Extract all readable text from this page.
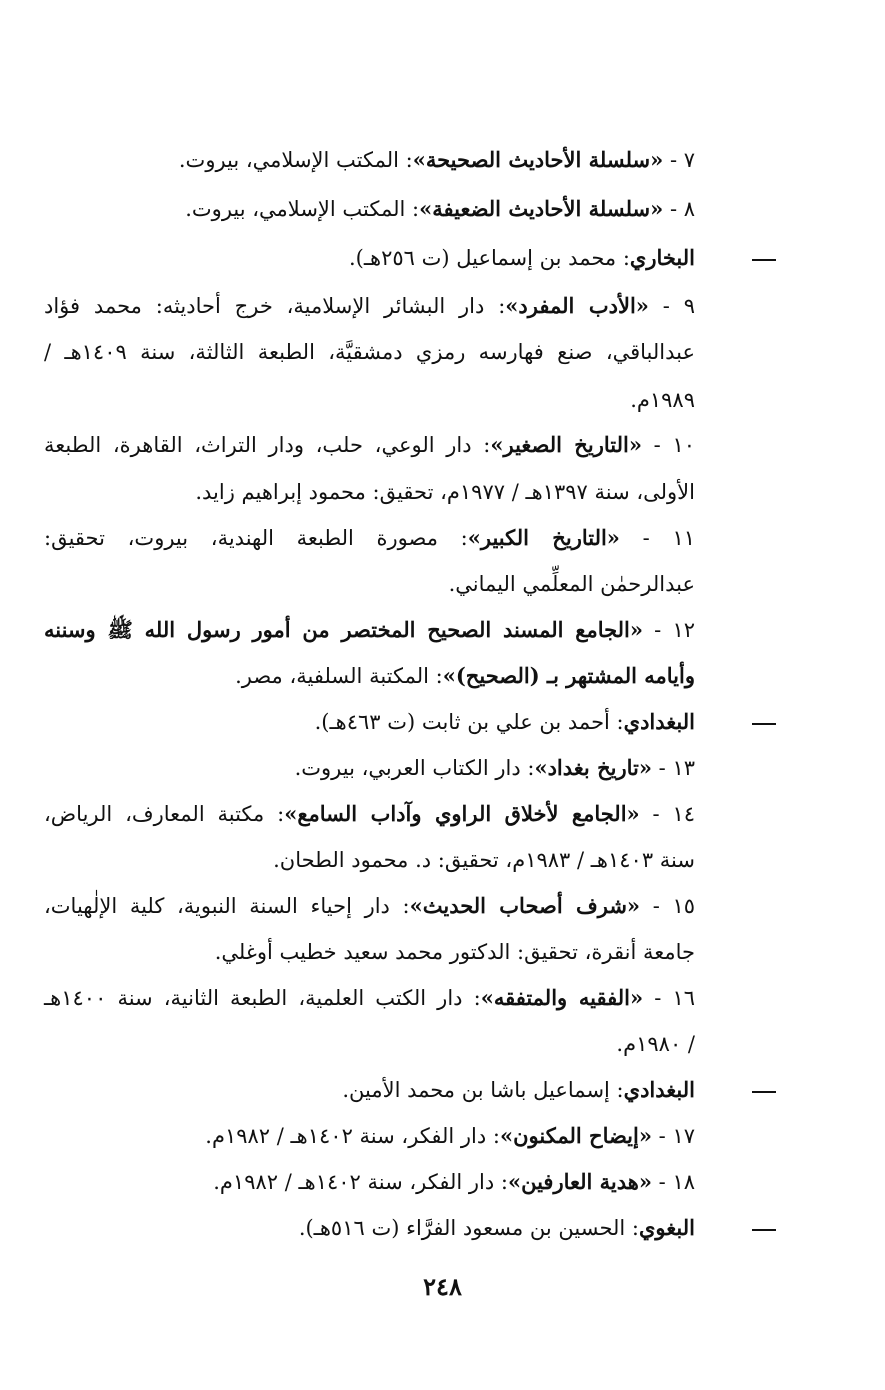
٧ - «سلسلة الأحاديث الصحيحة»: المكتب الإسلامي، بيروت.
٨ - «سلسلة الأحاديث الضعيفة»: المكتب الإسلامي، بيروت.
البخاري: محمد بن إسماعيل (ت ٢٥٦هـ).
٩ - «الأدب المفرد»: دار البشائر الإسلامية، خرج أحاديثه: محمد فؤاد
عبدالباقي، صنع فهارسه رمزي دمشقيَّة، الطبعة الثالثة، سنة ١٤٠٩هـ /
١٩٨٩م.
١٠ - «التاريخ الصغير»: دار الوعي، حلب، ودار التراث، القاهرة، الطبعة
الأولى، سنة ١٣٩٧هـ / ١٩٧٧م، تحقيق: محمود إبراهيم زايد.
١١ - «التاريخ الكبير»: مصورة الطبعة الهندية، بيروت، تحقيق:
عبدالرحمٰن المعلِّمي اليماني.
١٢ - «الجامع المسند الصحيح المختصر من أمور رسول الله ﷺ وسننه
وأيامه المشتهر بـ (الصحيح)»: المكتبة السلفية، مصر.
البغدادي: أحمد بن علي بن ثابت (ت ٤٦٣هـ).
١٣ - «تاريخ بغداد»: دار الكتاب العربي، بيروت.
١٤ - «الجامع لأخلاق الراوي وآداب السامع»: مكتبة المعارف، الرياض،
سنة ١٤٠٣هـ / ١٩٨٣م، تحقيق: د. محمود الطحان.
١٥ - «شرف أصحاب الحديث»: دار إحياء السنة النبوية، كلية الإلٰهيات،
جامعة أنقرة، تحقيق: الدكتور محمد سعيد خطيب أوغلي.
١٦ - «الفقيه والمتفقه»: دار الكتب العلمية، الطبعة الثانية، سنة ١٤٠٠هـ
/ ١٩٨٠م.
البغدادي: إسماعيل باشا بن محمد الأمين.
١٧ - «إيضاح المكنون»: دار الفكر، سنة ١٤٠٢هـ / ١٩٨٢م.
١٨ - «هدية العارفين»: دار الفكر، سنة ١٤٠٢هـ / ١٩٨٢م.
البغوي: الحسين بن مسعود الفرَّاء (ت ٥١٦هـ).
٢٤٨
